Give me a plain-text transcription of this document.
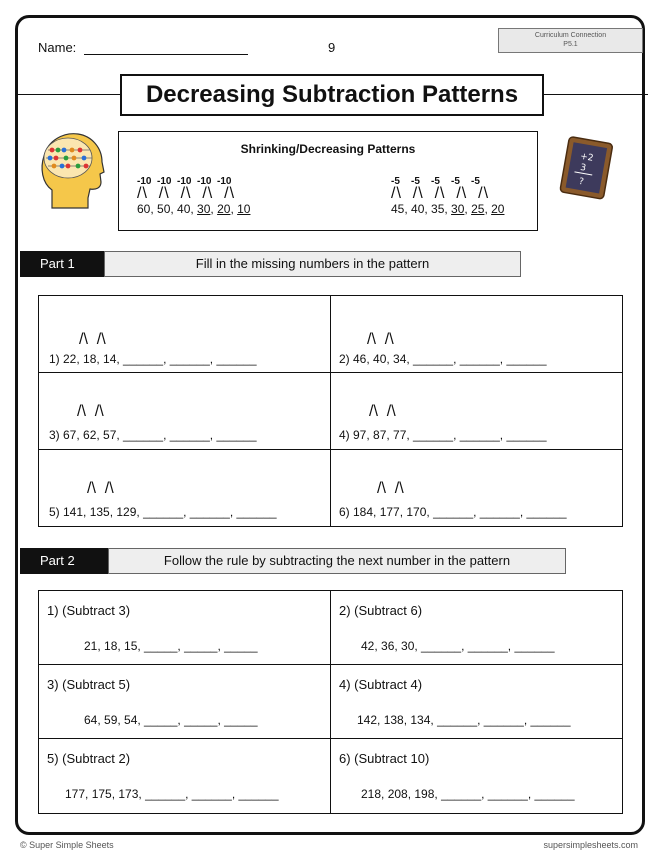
Name:	9
Curriculum Connection
P5.1
Decreasing Subtraction Patterns
+2
3
?
Shrinking/Decreasing Patterns
-10  -10  -10  -10  -10
/\  /\  /\  /\  /\
60, 50, 40, 30, 20, 10
-5    -5    -5    -5    -5
/\  /\  /\  /\  /\
45, 40, 35, 30, 25, 20
Part 1	Fill in the missing numbers in the pattern
/\  /\
1) 22, 18, 14, ______, ______, ______
/\  /\
2) 46, 40, 34, ______, ______, ______
/\  /\
3) 67, 62, 57, ______, ______, ______
/\  /\
4) 97, 87, 77, ______, ______, ______
/\  /\
5) 141, 135, 129, ______, ______, ______
/\  /\
6) 184, 177, 170, ______, ______, ______
Part 2	Follow the rule by subtracting the next number in the pattern
1) (Subtract 3)
21, 18, 15, _____, _____, _____
2) (Subtract 6)
42, 36, 30, ______, ______, ______
3) (Subtract 5)
64, 59, 54, _____, _____, _____
4) (Subtract 4)
142, 138, 134, ______, ______, ______
5) (Subtract 2)
177, 175, 173, ______, ______, ______
6) (Subtract 10)
218, 208, 198, ______, ______, ______
© Super Simple Sheets	supersimplesheets.com
